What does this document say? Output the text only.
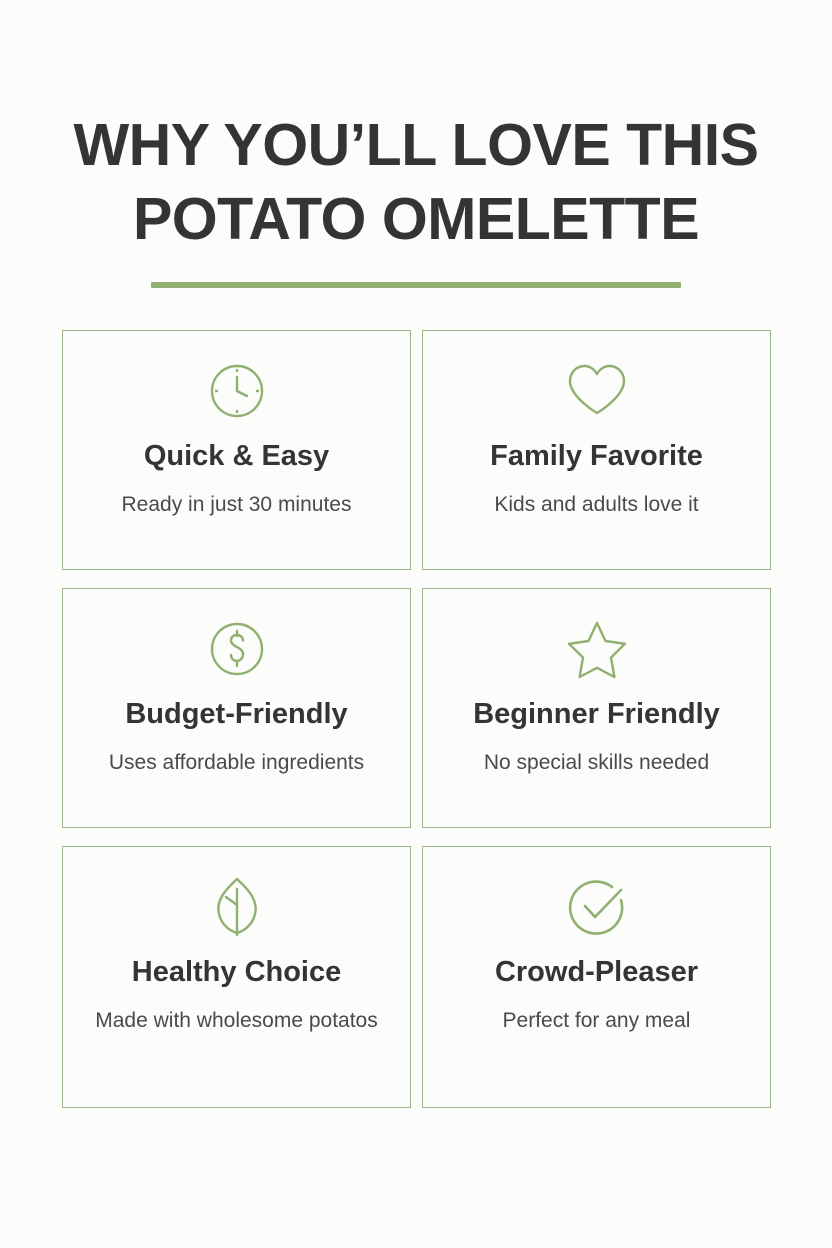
WHY YOU’LL LOVE THIS
POTATO OMELETTE
Quick & Easy
Ready in just 30 minutes
Family Favorite
Kids and adults love it
Budget-Friendly
Uses affordable ingredients
Beginner Friendly
No special skills needed
Healthy Choice
Made with wholesome potatos
Crowd-Pleaser
Perfect for any meal
